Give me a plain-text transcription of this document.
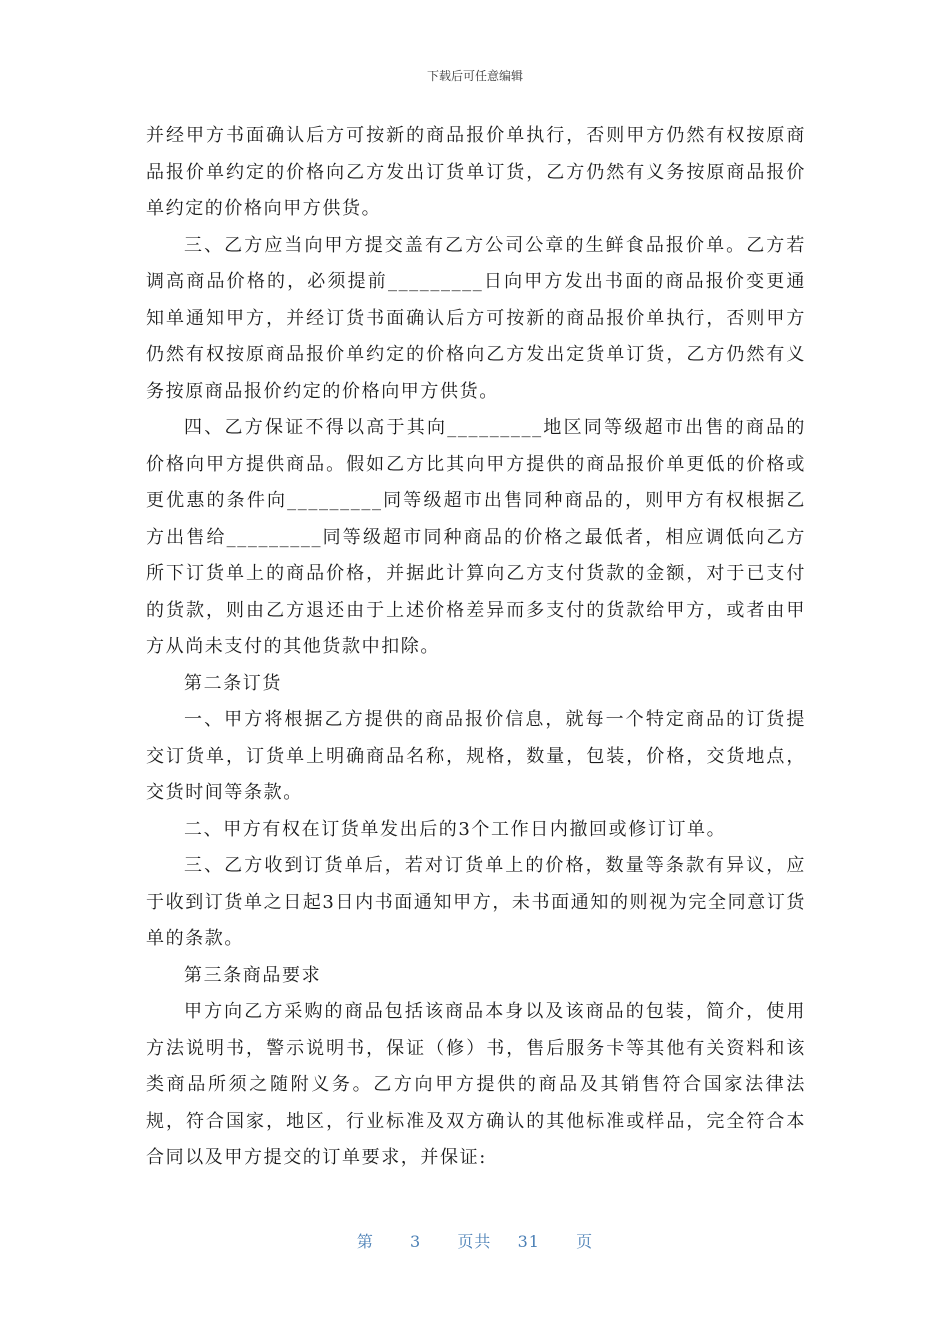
下载后可任意编辑

并经甲方书面确认后方可按新的商品报价单执行，否则甲方仍然有权按原商品报价单约定的价格向乙方发出订货单订货，乙方仍然有义务按原商品报价单约定的价格向甲方供货。

三、乙方应当向甲方提交盖有乙方公司公章的生鲜食品报价单。乙方若调高商品价格的，必须提前_________日向甲方发出书面的商品报价变更通知单通知甲方，并经订货书面确认后方可按新的商品报价单执行，否则甲方仍然有权按原商品报价单约定的价格向乙方发出定货单订货，乙方仍然有义务按原商品报价约定的价格向甲方供货。

四、乙方保证不得以高于其向_________地区同等级超市出售的商品的价格向甲方提供商品。假如乙方比其向甲方提供的商品报价单更低的价格或更优惠的条件向_________同等级超市出售同种商品的，则甲方有权根据乙方出售给_________同等级超市同种商品的价格之最低者，相应调低向乙方所下订货单上的商品价格，并据此计算向乙方支付货款的金额，对于已支付的货款，则由乙方退还由于上述价格差异而多支付的货款给甲方，或者由甲方从尚未支付的其他货款中扣除。

第二条订货

一、甲方将根据乙方提供的商品报价信息，就每一个特定商品的订货提交订货单，订货单上明确商品名称，规格，数量，包装，价格，交货地点，交货时间等条款。

二、甲方有权在订货单发出后的3个工作日内撤回或修订订单。

三、乙方收到订货单后，若对订货单上的价格，数量等条款有异议，应于收到订货单之日起3日内书面通知甲方，未书面通知的则视为完全同意订货单的条款。

第三条商品要求

甲方向乙方采购的商品包括该商品本身以及该商品的包装，简介，使用方法说明书，警示说明书，保证（修）书，售后服务卡等其他有关资料和该类商品所须之随附义务。乙方向甲方提供的商品及其销售符合国家法律法规，符合国家，地区，行业标准及双方确认的其他标准或样品，完全符合本合同以及甲方提交的订单要求，并保证:

第 3 页共 31 页
